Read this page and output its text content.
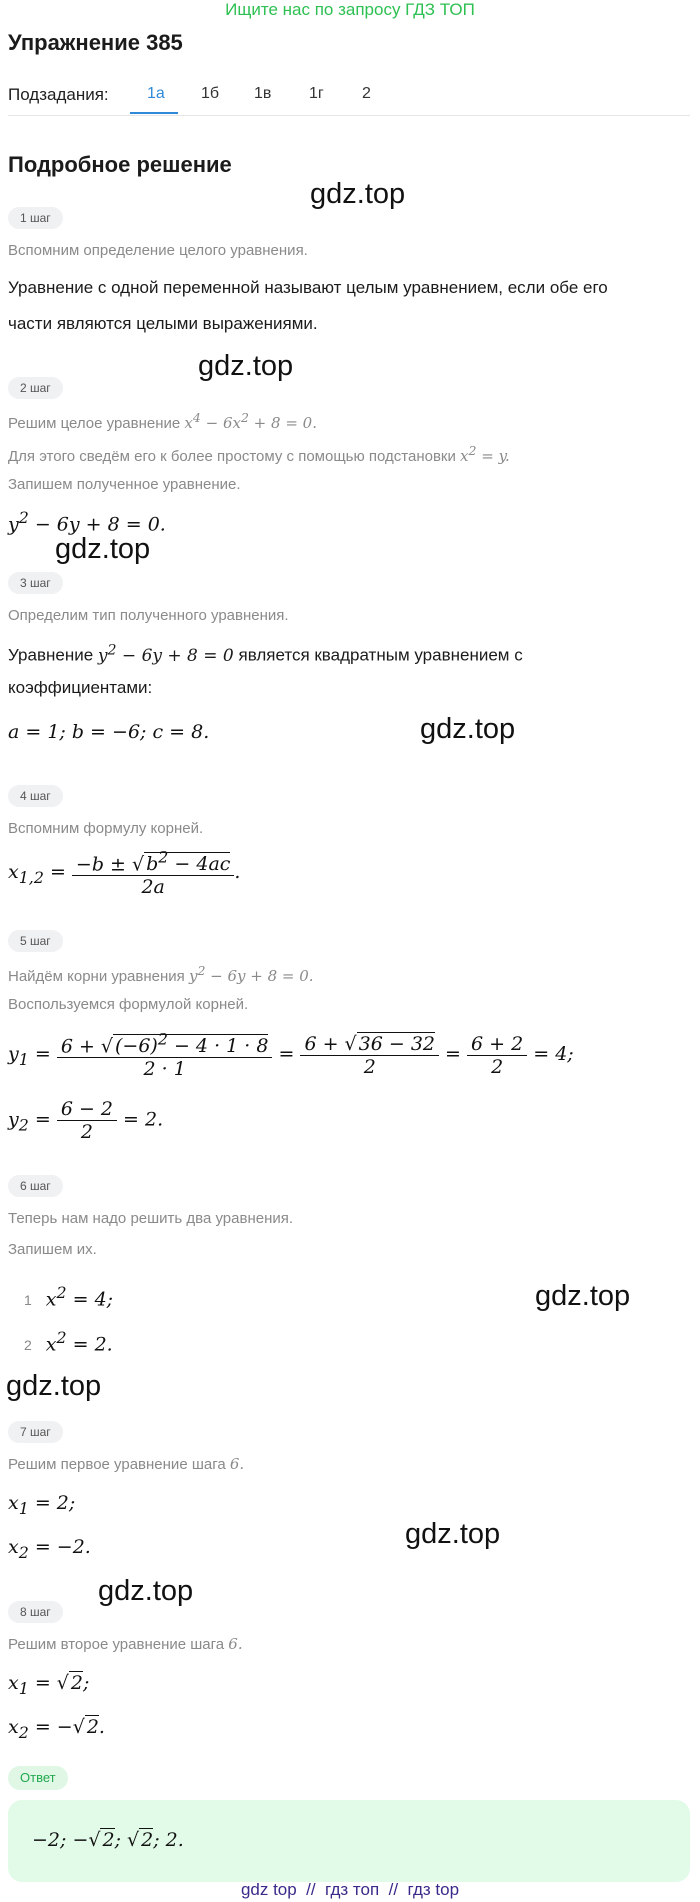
Ищите нас по запросу ГДЗ ТОП
Упражнение 385
Подзадания: 1а 1б 1в 1г 2
Подробное решение
gdz.top
gdz.top
gdz.top
gdz.top
gdz.top
gdz.top
gdz.top
gdz.top
1 шаг
Вспомним определение целого уравнения.
Уравнение с одной переменной называют целым уравнением, если обе его
части являются целыми выражениями.
2 шаг
Решим целое уравнение $x^4 - 6x^2 + 8 = 0$.
Для этого сведём его к более простому с помощью подстановки $x^2 = y$.
Запишем полученное уравнение.
$y^2 - 6y + 8 = 0$.
3 шаг
Определим тип полученного уравнения.
Уравнение $y^2 - 6y + 8 = 0$ является квадратным уравнением с
коэффициентами:
a = 1; b = −6; c = 8.
4 шаг
Вспомним формулу корней.
$x_{1,2} = \frac{-b \pm √ b^2 - 4ac}{2a}$ .
5 шаг
Найдём корни уравнения $y^2 - 6y + 8 = 0$.
Воспользуемся формулой корней.
$y_1 = \frac{6 + √ (-6)^2 - 4 \cdot 1 \cdot 8}{2 \cdot 1} = \frac{6 + √ 36 - 32}{2} = \frac{6 + 2}{2} = 4$;
$y_2 = \frac{6 - 2}{2} = 2$.
6 шаг
Теперь нам надо решить два уравнения.
Запишем их.
1 $x^2 = 4$;
2 $x^2 = 2$.
7 шаг
Решим первое уравнение шага 6.
$x_1 = 2$;
$x_2 = -2$.
8 шаг
Решим второе уравнение шага 6.
$x_1$ = √ 2;
$x_2$ = −√ 2.
Ответ
−2; −√ 2; √ 2; 2.
gdz top  //  гдз топ  //  гдз top
